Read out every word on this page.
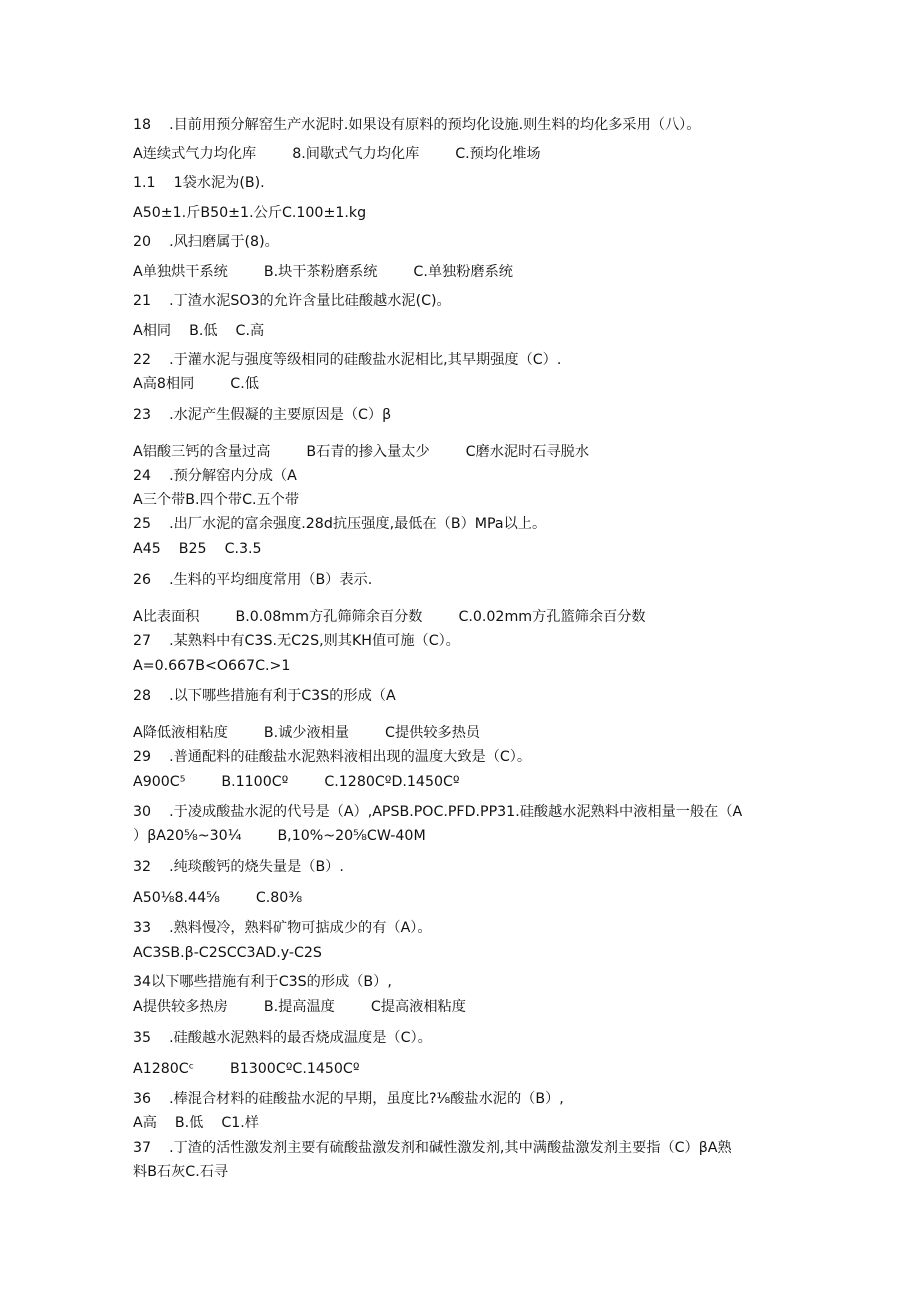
18 .目前用预分解窑生产水泥时.如果设有原料的预均化设施.则生料的均化多采用（八）。
A连续式气力均化库	8.间歇式气力均化库	C.预均化堆场
1.1 1袋水泥为(B).
A50±1.斤B50±1.公斤C.100±1.kg
20 .风扫磨属于(8)。
A单独烘干系统	B.块干茶粉磨系统	C.单独粉磨系统
21 .丁渣水泥SO3的允许含量比硅酸越水泥(C)。
A相同 B.低 C.高
22 .于灌水泥与强度等级相同的硅酸盐水泥相比,其早期强度（C）.
A高8相同	C.低
23 .水泥产生假凝的主要原因是（C）β
A铝酸三钙的含量过高	B石青的掺入量太少	C磨水泥时石寻脱水
24 .预分解窑内分成（A
A三个带B.四个带C.五个带
25 .出厂水泥的富余强度.28d抗压强度,最低在（B）MPa以上。
A45 B25 C.3.5
26 .生料的平均细度常用（B）表示.
A比表面积	B.0.08mm方孔筛筛余百分数	C.0.02mm方孔篮筛余百分数
27 .某熟料中有C3S.无C2S,则其KH值可施（C）。
A=0.667B<O667C.>1
28 .以下哪些措施有利于C3S的形成（A
A降低液相粘度	B.诚少液相量	C提供较多热员
29 .普通配料的硅酸盐水泥熟料液相出现的温度大致是（C）。
A900C⁵	B.1100Cº	C.1280CºD.1450Cº
30 .于凌成酸盐水泥的代号是（A）,APSB.POC.PFD.PP31.硅酸越水泥熟料中液相量一般在（A
）βA20⅝~30¼	B,10%~20⅝CW-40M
32 .纯琰酸钙的烧失量是（B）.
A50⅛8.44⅝	C.80⅜
33 .熟料慢冷，熟料矿物可掂成少的有（A）。
AC3SB.β-C2SCC3AD.y-C2S
34以下哪些措施有利于C3S的形成（B）,
A提供较多热房	B.提高温度	C提高液相粘度
35 .硅酸越水泥熟料的最否烧成温度是（C）。
A1280Cᶜ	B1300CºC.1450Cº
36 .棒混合材料的硅酸盐水泥的早期，虽度比?⅛酸盐水泥的（B）,
A高 B.低 C1.样
37 .丁渣的活性激发剂主要有硫酸盐激发剂和碱性激发剂,其中满酸盐激发剂主要指（C）βA熟
料B石灰C.石寻
